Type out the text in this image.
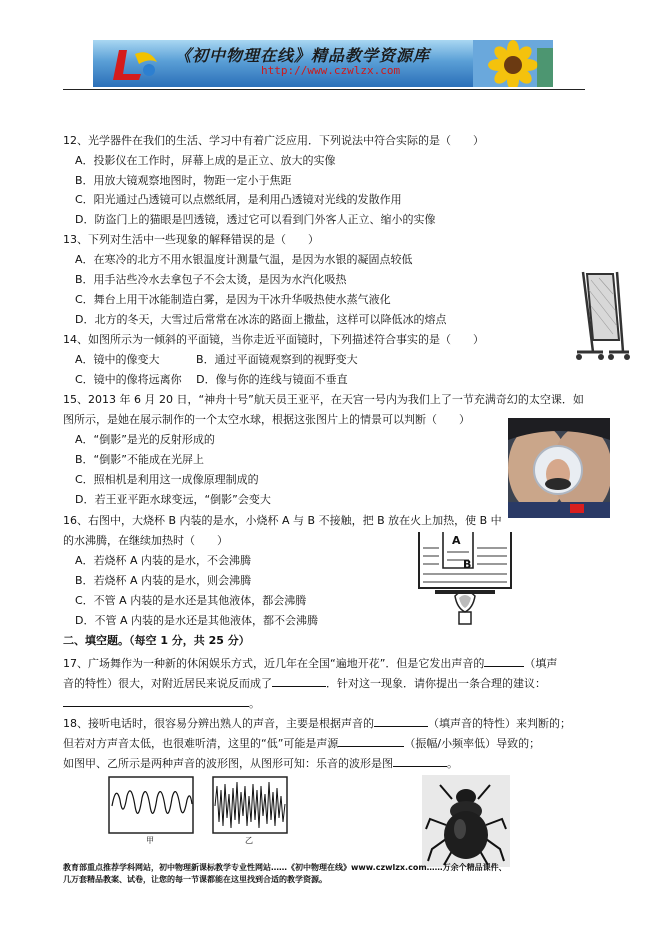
《初中物理在线》精品教学资源库
http://www.czwlzx.com
12、光学器件在我们的生活、学习中有着广泛应用．下列说法中符合实际的是（　　）
A．投影仪在工作时，屏幕上成的是正立、放大的实像
B．用放大镜观察地图时，物距一定小于焦距
C．阳光通过凸透镜可以点燃纸屑，是利用凸透镜对光线的发散作用
D．防盗门上的猫眼是凹透镜，透过它可以看到门外客人正立、缩小的实像
13、下列对生活中一些现象的解释错误的是（　　）
A．在寒冷的北方不用水银温度计测量气温，是因为水银的凝固点较低
B．用手沾些冷水去拿包子不会太烫，是因为水汽化吸热
C．舞台上用干冰能制造白雾，是因为干冰升华吸热使水蒸气液化
D．北方的冬天，大雪过后常常在冰冻的路面上撒盐，这样可以降低冰的熔点
14、如图所示为一倾斜的平面镜，当你走近平面镜时，下列描述符合事实的是（　　）
A．镜中的像变大　　　 B．通过平面镜观察到的视野变大
C．镜中的像将远离你　 D．像与你的连线与镜面不垂直
15、2013 年 6 月 20 日，“神舟十号”航天员王亚平，在天宫一号内为我们上了一节充满奇幻的太空课．如
图所示，是她在展示制作的一个太空水球，根据这张图片上的情景可以判断（　　）
A．“倒影”是光的反射形成的
B．“倒影”不能成在光屏上
C．照相机是利用这一成像原理制成的
D．若王亚平距水球变远，“倒影”会变大
16、右图中，大烧杯 B 内装的是水，小烧杯 A 与 B 不接触，把 B 放在火上加热，使 B 中
的水沸腾，在继续加热时（　　）
A．若烧杯 A 内装的是水，不会沸腾
B．若烧杯 A 内装的是水，则会沸腾
C．不管 A 内装的是水还是其他液体，都会沸腾
D．不管 A 内装的是水还是其他液体，都不会沸腾
A
B
二、填空题。（每空 1 分，共 25 分）
17、广场舞作为一种新的休闲娱乐方式，近几年在全国“遍地开花”．但是它发出声音的	（填声
音的特性）很大，对附近居民来说反而成了	．针对这一现象．请你提出一条合理的建议：
。
18、接听电话时，很容易分辨出熟人的声音，主要是根据声音的	（填声音的特性）来判断的；
但若对方声音太低，也很难听清，这里的“低”可能是声源	（振幅/小频率低）导致的；
如图甲、乙所示是两种声音的波形图，从图形可知：乐音的波形是图	。
甲	乙
教育部重点推荐学科网站，初中物理新课标教学专业性网站……《初中物理在线》www.czwlzx.com……万余个精品课件、
几万套精品教案、试卷，让您的每一节课都能在这里找到合适的教学资源。
